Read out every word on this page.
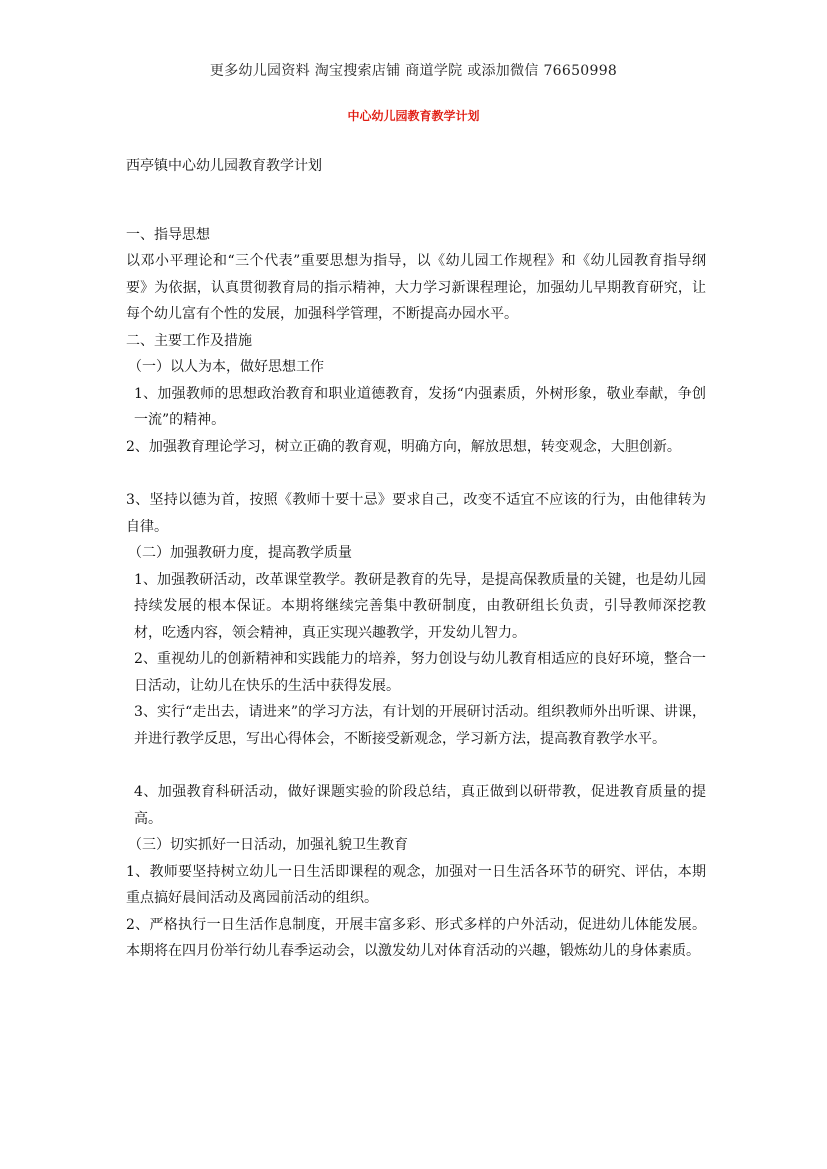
更多幼儿园资料 淘宝搜索店铺 商道学院 或添加微信 76650998
中心幼儿园教育教学计划

西亭镇中心幼儿园教育教学计划

一、指导思想

以邓小平理论和“三个代表”重要思想为指导，以《幼儿园工作规程》和《幼儿园教育指导纲要》为依据，认真贯彻教育局的指示精神，大力学习新课程理论，加强幼儿早期教育研究，让每个幼儿富有个性的发展，加强科学管理，不断提高办园水平。

二、主要工作及措施

（一）以人为本，做好思想工作

1、加强教师的思想政治教育和职业道德教育，发扬“内强素质，外树形象，敬业奉献，争创一流”的精神。

2、加强教育理论学习，树立正确的教育观，明确方向，解放思想，转变观念，大胆创新。

3、坚持以德为首，按照《教师十要十忌》要求自己，改变不适宜不应该的行为，由他律转为自律。

（二）加强教研力度，提高教学质量

1、加强教研活动，改革课堂教学。教研是教育的先导，是提高保教质量的关键，也是幼儿园持续发展的根本保证。本期将继续完善集中教研制度，由教研组长负责，引导教师深挖教材，吃透内容，领会精神，真正实现兴趣教学，开发幼儿智力。

2、重视幼儿的创新精神和实践能力的培养，努力创设与幼儿教育相适应的良好环境，整合一日活动，让幼儿在快乐的生活中获得发展。

3、实行“走出去，请进来”的学习方法，有计划的开展研讨活动。组织教师外出听课、讲课，并进行教学反思，写出心得体会，不断接受新观念，学习新方法，提高教育教学水平。

4、加强教育科研活动，做好课题实验的阶段总结，真正做到以研带教，促进教育质量的提高。

（三）切实抓好一日活动，加强礼貌卫生教育

1、教师要坚持树立幼儿一日生活即课程的观念，加强对一日生活各环节的研究、评估，本期重点搞好晨间活动及离园前活动的组织。

2、严格执行一日生活作息制度，开展丰富多彩、形式多样的户外活动，促进幼儿体能发展。本期将在四月份举行幼儿春季运动会，以激发幼儿对体育活动的兴趣，锻炼幼儿的身体素质。
